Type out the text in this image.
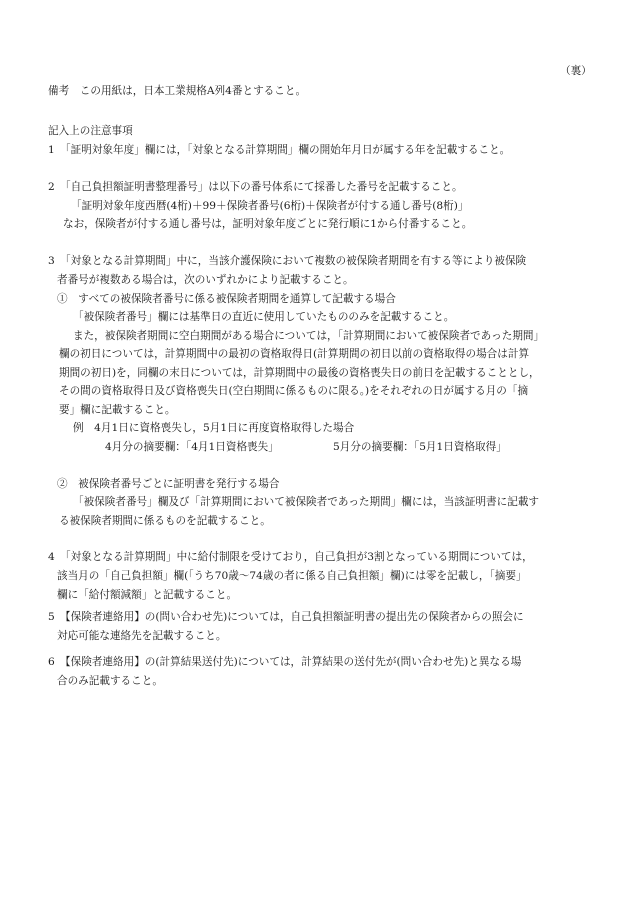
（裏）
備考　この用紙は，日本工業規格A列4番とすること。
記入上の注意事項
1　「証明対象年度」欄には，「対象となる計算期間」欄の開始年月日が属する年を記載すること。
2　「自己負担額証明書整理番号」は以下の番号体系にて採番した番号を記載すること。
「証明対象年度西暦(4桁)＋99＋保険者番号(6桁)＋保険者が付する通し番号(8桁)」
なお，保険者が付する通し番号は，証明対象年度ごとに発行順に1から付番すること。
3　「対象となる計算期間」中に，当該介護保険において複数の被保険者期間を有する等により被保険
者番号が複数ある場合は，次のいずれかにより記載すること。
①　すべての被保険者番号に係る被保険者期間を通算して記載する場合
「被保険者番号」欄には基準日の直近に使用していたもののみを記載すること。
また，被保険者期間に空白期間がある場合については，「計算期間において被保険者であった期間」
欄の初日については，計算期間中の最初の資格取得日(計算期間の初日以前の資格取得の場合は計算
期間の初日)を，同欄の末日については，計算期間中の最後の資格喪失日の前日を記載することとし，
その間の資格取得日及び資格喪失日(空白期間に係るものに限る。)をそれぞれの日が属する月の「摘
要」欄に記載すること。
例　4月1日に資格喪失し，5月1日に再度資格取得した場合
4月分の摘要欄：「4月1日資格喪失」	5月分の摘要欄：「5月1日資格取得」
②　被保険者番号ごとに証明書を発行する場合
「被保険者番号」欄及び「計算期間において被保険者であった期間」欄には，当該証明書に記載す
る被保険者期間に係るものを記載すること。
4　「対象となる計算期間」中に給付制限を受けており，自己負担が3割となっている期間については，
該当月の「自己負担額」欄(「うち70歳～74歳の者に係る自己負担額」欄)には零を記載し，「摘要」
欄に「給付額減額」と記載すること。
5　【保険者連絡用】の(問い合わせ先)については，自己負担額証明書の提出先の保険者からの照会に
対応可能な連絡先を記載すること。
6　【保険者連絡用】の(計算結果送付先)については，計算結果の送付先が(問い合わせ先)と異なる場
合のみ記載すること。
